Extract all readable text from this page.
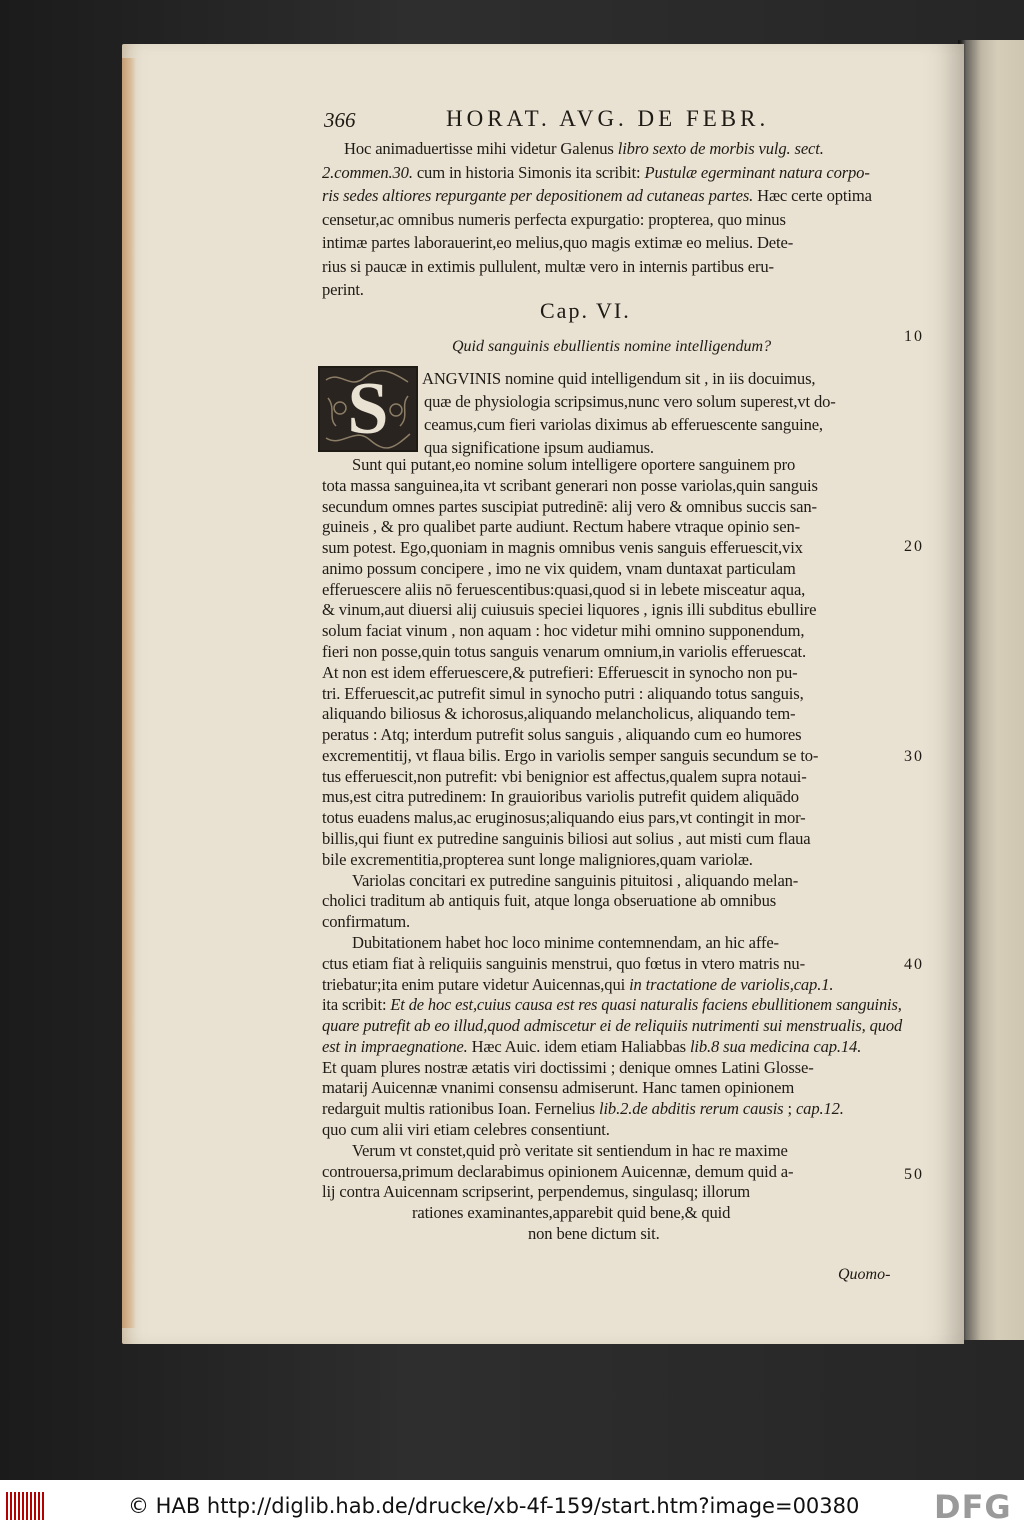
366	HORAT. AVG. DE FEBR.
Hoc animaduertisse mihi videtur Galenus libro sexto de morbis vulg. sect.
2.commen.30. cum in historia Simonis ita scribit: Pustulæ egerminant natura corpo-
ris sedes altiores repurgante per depositionem ad cutaneas partes. Hæc certe optima
censetur,ac omnibus numeris perfecta expurgatio: propterea, quo minus
intimæ partes laborauerint,eo melius,quo magis extimæ eo melius. Dete-
rius si paucæ in extimis pullulent, multæ vero in internis partibus eru-
perint.
Cap. VI.
Quid sanguinis ebullientis nomine intelligendum?
S ANGVINIS nomine quid intelligendum sit , in iis docuimus,
quæ de physiologia scripsimus,nunc vero solum superest,vt do-
ceamus,cum fieri variolas diximus ab efferuescente sanguine,
qua significatione ipsum audiamus.
Sunt qui putant,eo nomine solum intelligere oportere sanguinem pro
tota massa sanguinea,ita vt scribant generari non posse variolas,quin sanguis
secundum omnes partes suscipiat putredinē: alij vero & omnibus succis san-
guineis , & pro qualibet parte audiunt. Rectum habere vtraque opinio sen-
sum potest. Ego,quoniam in magnis omnibus venis sanguis efferuescit,vix
animo possum concipere , imo ne vix quidem, vnam duntaxat particulam
efferuescere aliis nō feruescentibus:quasi,quod si in lebete misceatur aqua,
& vinum,aut diuersi alij cuiusuis speciei liquores , ignis illi subditus ebullire
solum faciat vinum , non aquam : hoc videtur mihi omnino supponendum,
fieri non posse,quin totus sanguis venarum omnium,in variolis efferuescat.
At non est idem efferuescere,& putrefieri: Efferuescit in synocho non pu-
tri. Efferuescit,ac putrefit simul in synocho putri : aliquando totus sanguis,
aliquando biliosus & ichorosus,aliquando melancholicus, aliquando tem-
peratus : Atq; interdum putrefit solus sanguis , aliquando cum eo humores
excrementitij, vt flaua bilis. Ergo in variolis semper sanguis secundum se to-
tus efferuescit,non putrefit: vbi benignior est affectus,qualem supra notaui-
mus,est citra putredinem: In grauioribus variolis putrefit quidem aliquādo
totus euadens malus,ac eruginosus;aliquando eius pars,vt contingit in mor-
billis,qui fiunt ex putredine sanguinis biliosi aut solius , aut misti cum flaua
bile excrementitia,propterea sunt longe maligniores,quam variolæ.
Variolas concitari ex putredine sanguinis pituitosi , aliquando melan-
cholici traditum ab antiquis fuit, atque longa obseruatione ab omnibus
confirmatum.
Dubitationem habet hoc loco minime contemnendam, an hic affe-
ctus etiam fiat à reliquiis sanguinis menstrui, quo fœtus in vtero matris nu-
triebatur;ita enim putare videtur Auicennas,qui in tractatione de variolis,cap.1.
ita scribit: Et de hoc est,cuius causa est res quasi naturalis faciens ebullitionem sanguinis,
quare putrefit ab eo illud,quod admiscetur ei de reliquiis nutrimenti sui menstrualis, quod
est in impraegnatione. Hæc Auic. idem etiam Haliabbas lib.8 sua medicina cap.14.
Et quam plures nostræ ætatis viri doctissimi ; denique omnes Latini Glosse-
matarij Auicennæ vnanimi consensu admiserunt. Hanc tamen opinionem
redarguit multis rationibus Ioan. Fernelius lib.2.de abditis rerum causis ; cap.12.
quo cum alii viri etiam celebres consentiunt.
Verum vt constet,quid prò veritate sit sentiendum in hac re maxime
controuersa,primum declarabimus opinionem Auicennæ, demum quid a-
lij contra Auicennam scripserint, perpendemus, singulasq; illorum
rationes examinantes,apparebit quid bene,& quid
non bene dictum sit.
10
20
30
40
50
Quomo-
© HAB http://diglib.hab.de/drucke/xb-4f-159/start.htm?image=00380 DFG
